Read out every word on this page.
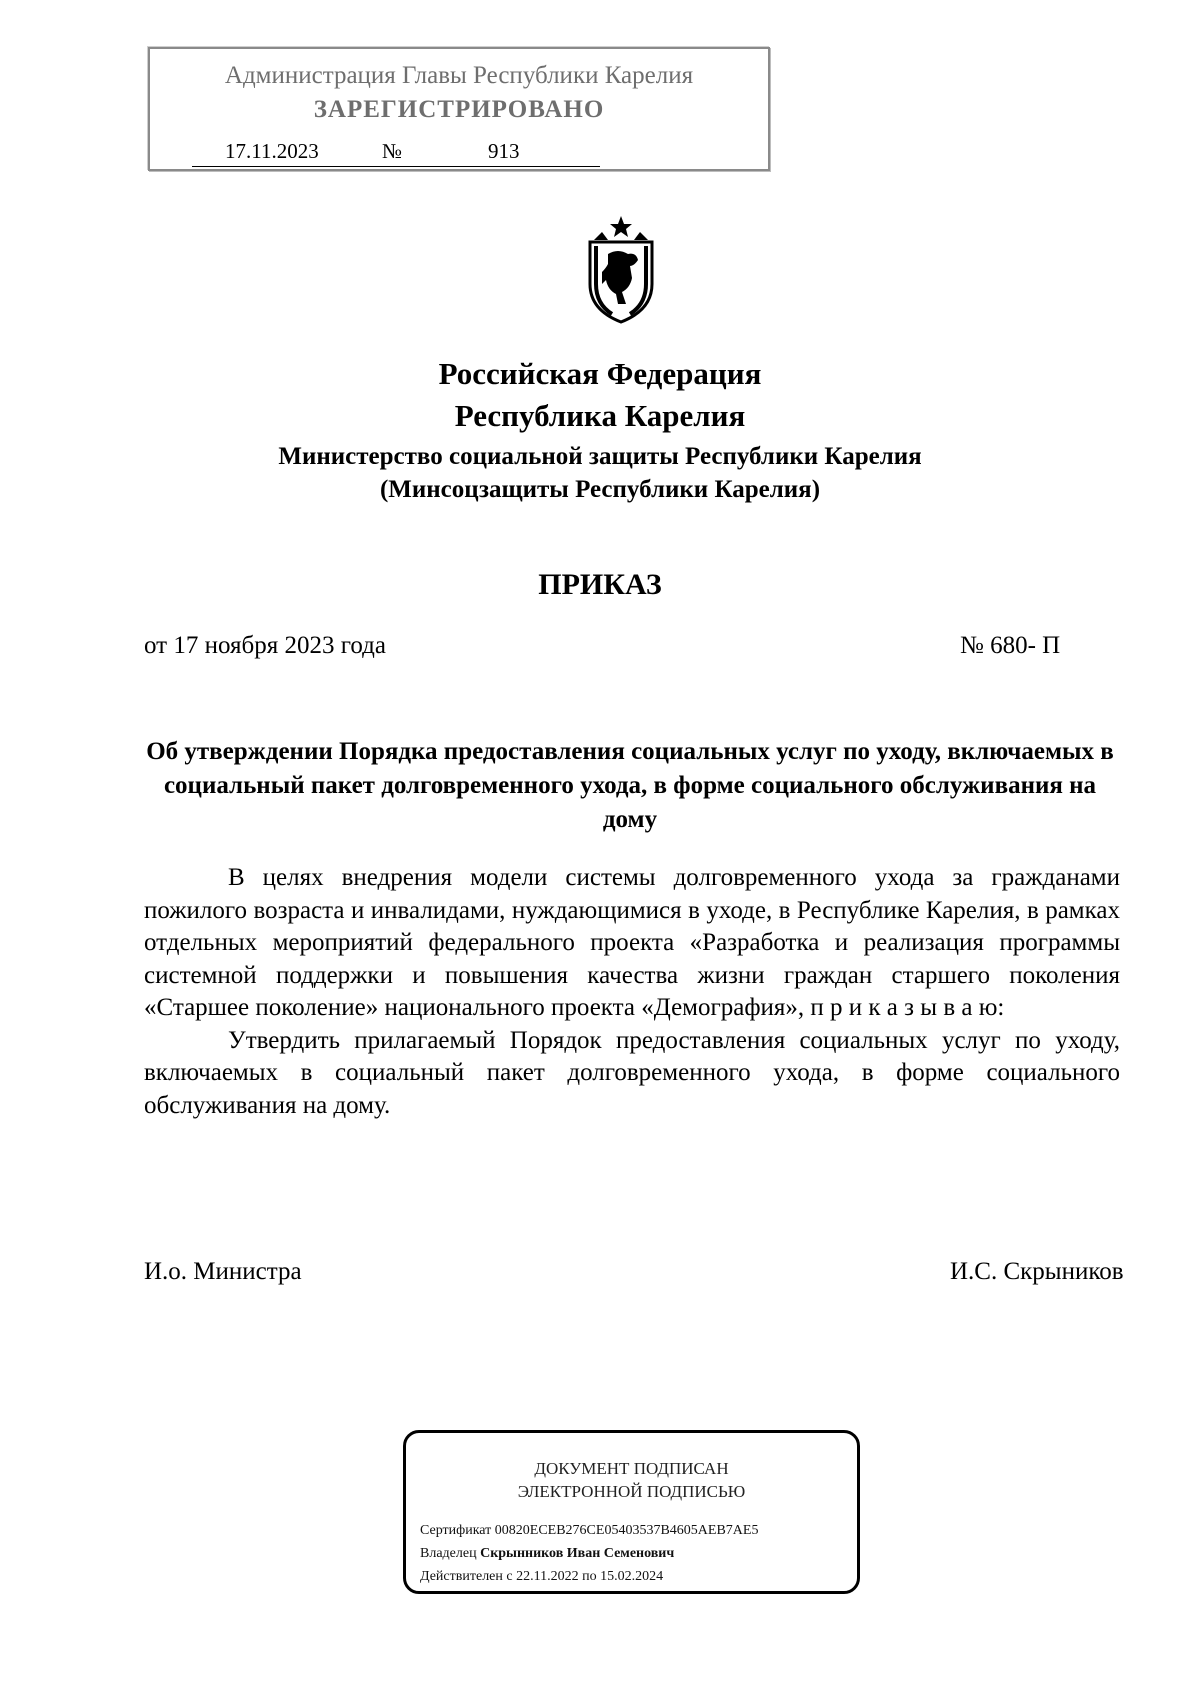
Администрация Главы Республики Карелия
ЗАРЕГИСТРИРОВАНО
17.11.2023	№	913
Российская Федерация
Республика Карелия
Министерство социальной защиты Республики Карелия
(Минсоцзащиты Республики Карелия)
ПРИКАЗ
от 17 ноября 2023 года	№ 680- П
Об утверждении Порядка предоставления социальных услуг по уходу, включаемых в социальный пакет долговременного ухода, в форме социального обслуживания на дому

В целях внедрения модели системы долговременного ухода за гражданами пожилого возраста и инвалидами, нуждающимися в уходе, в Республике Карелия, в рамках отдельных мероприятий федерального проекта «Разработка и реализация программы системной поддержки и повышения качества жизни граждан старшего поколения «Старшее поколение» национального проекта «Демография», п р и к а з ы в а ю:

Утвердить прилагаемый Порядок предоставления социальных услуг по уходу, включаемых в социальный пакет долговременного ухода, в форме социального обслуживания на дому.

И.о. Министра	И.С. Скрыников
ДОКУМЕНТ ПОДПИСАН
ЭЛЕКТРОННОЙ ПОДПИСЬЮ
Сертификат 00820ECEB276CE05403537B4605AEB7AE5
Владелец Скрынников Иван Семенович
Действителен с 22.11.2022 по 15.02.2024
